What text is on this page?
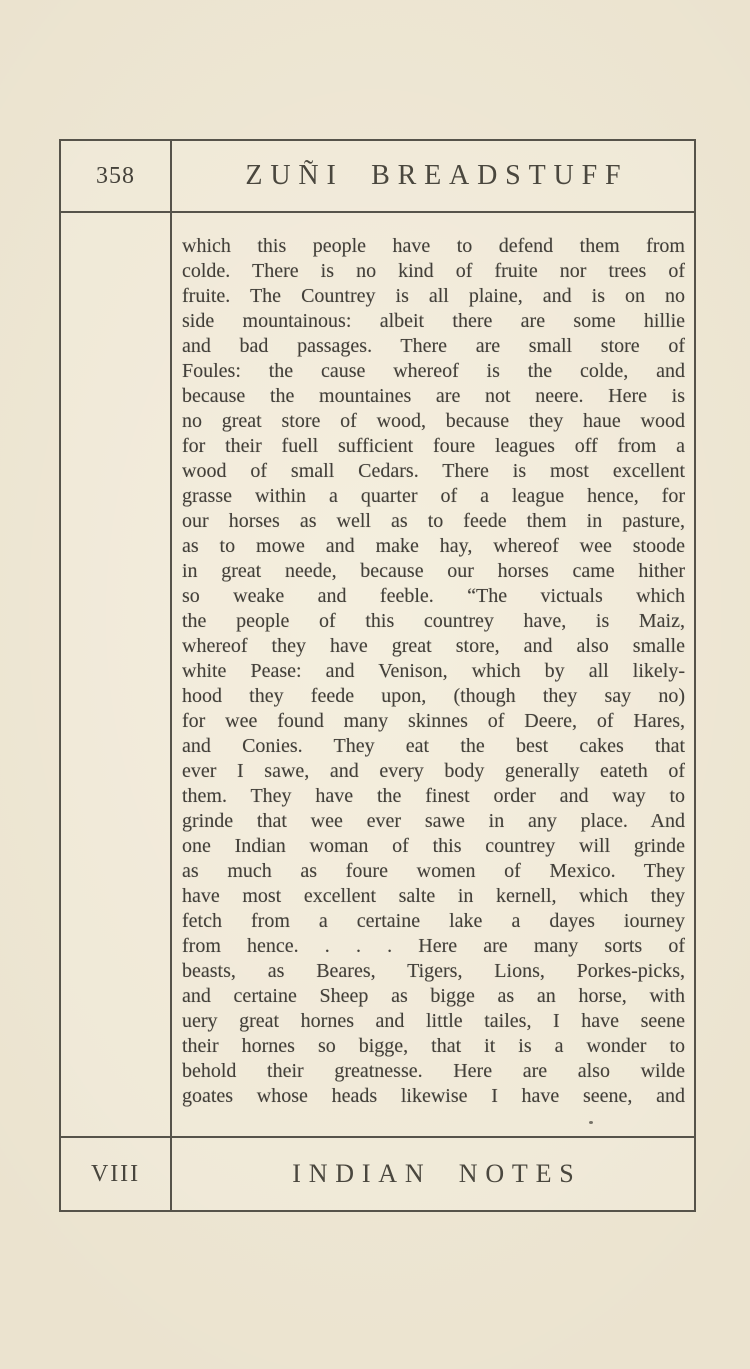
358	ZUÑI BREADSTUFF
which this people have to defend them from
colde. There is no kind of fruite nor trees of
fruite. The Countrey is all plaine, and is on no
side mountainous: albeit there are some hillie
and bad passages. There are small store of
Foules: the cause whereof is the colde, and
because the mountaines are not neere. Here is
no great store of wood, because they haue wood
for their fuell sufficient foure leagues off from a
wood of small Cedars. There is most excellent
grasse within a quarter of a league hence, for
our horses as well as to feede them in pasture,
as to mowe and make hay, whereof wee stoode
in great neede, because our horses came hither
so weake and feeble. “The victuals which
the people of this countrey have, is Maiz,
whereof they have great store, and also smalle
white Pease: and Venison, which by all likely-
hood they feede upon, (though they say no)
for wee found many skinnes of Deere, of Hares,
and Conies. They eat the best cakes that
ever I sawe, and every body generally eateth of
them. They have the finest order and way to
grinde that wee ever sawe in any place. And
one Indian woman of this countrey will grinde
as much as foure women of Mexico. They
have most excellent salte in kernell, which they
fetch from a certaine lake a dayes iourney
from hence. . . . Here are many sorts of
beasts, as Beares, Tigers, Lions, Porkes-picks,
and certaine Sheep as bigge as an horse, with
uery great hornes and little tailes, I have seene
their hornes so bigge, that it is a wonder to
behold their greatnesse. Here are also wilde
goates whose heads likewise I have seene, and
VIII	INDIAN NOTES
